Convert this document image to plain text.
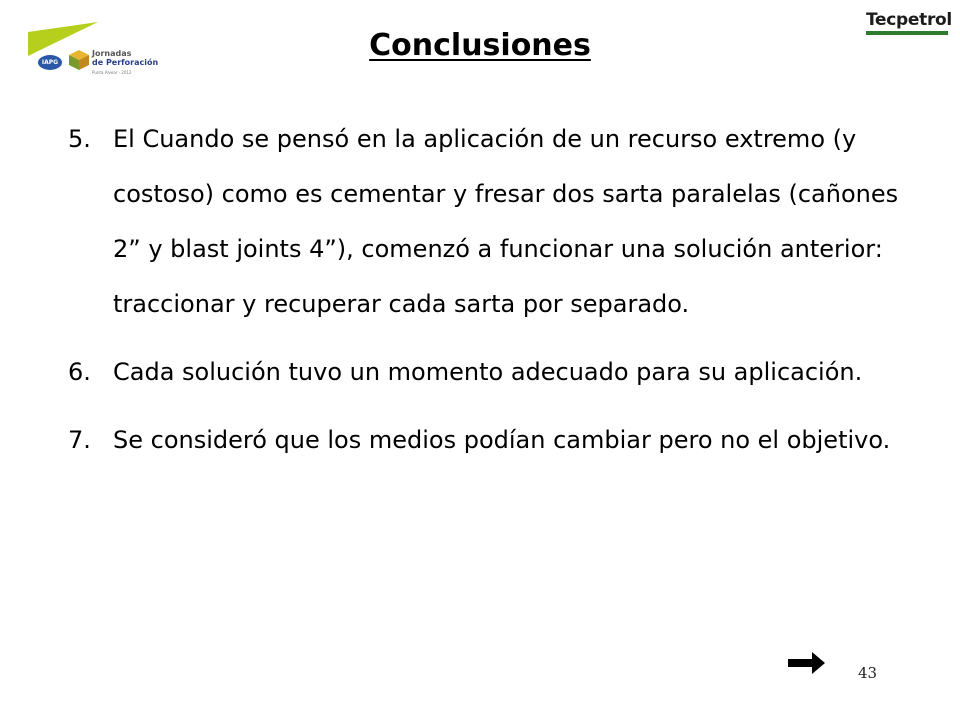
IAPG
Jornadas
de Perforación
Punta Alvear · 2012
Tecpetrol
Conclusiones
5. El Cuando se pensó en la aplicación de un recurso extremo (y costoso) como es cementar y fresar dos sarta paralelas (cañones 2” y blast joints 4”), comenzó a funcionar una solución anterior: traccionar y recuperar cada sarta por separado.
6. Cada solución tuvo un momento adecuado para su aplicación.
7. Se consideró que los medios podían cambiar pero no el objetivo.
43
